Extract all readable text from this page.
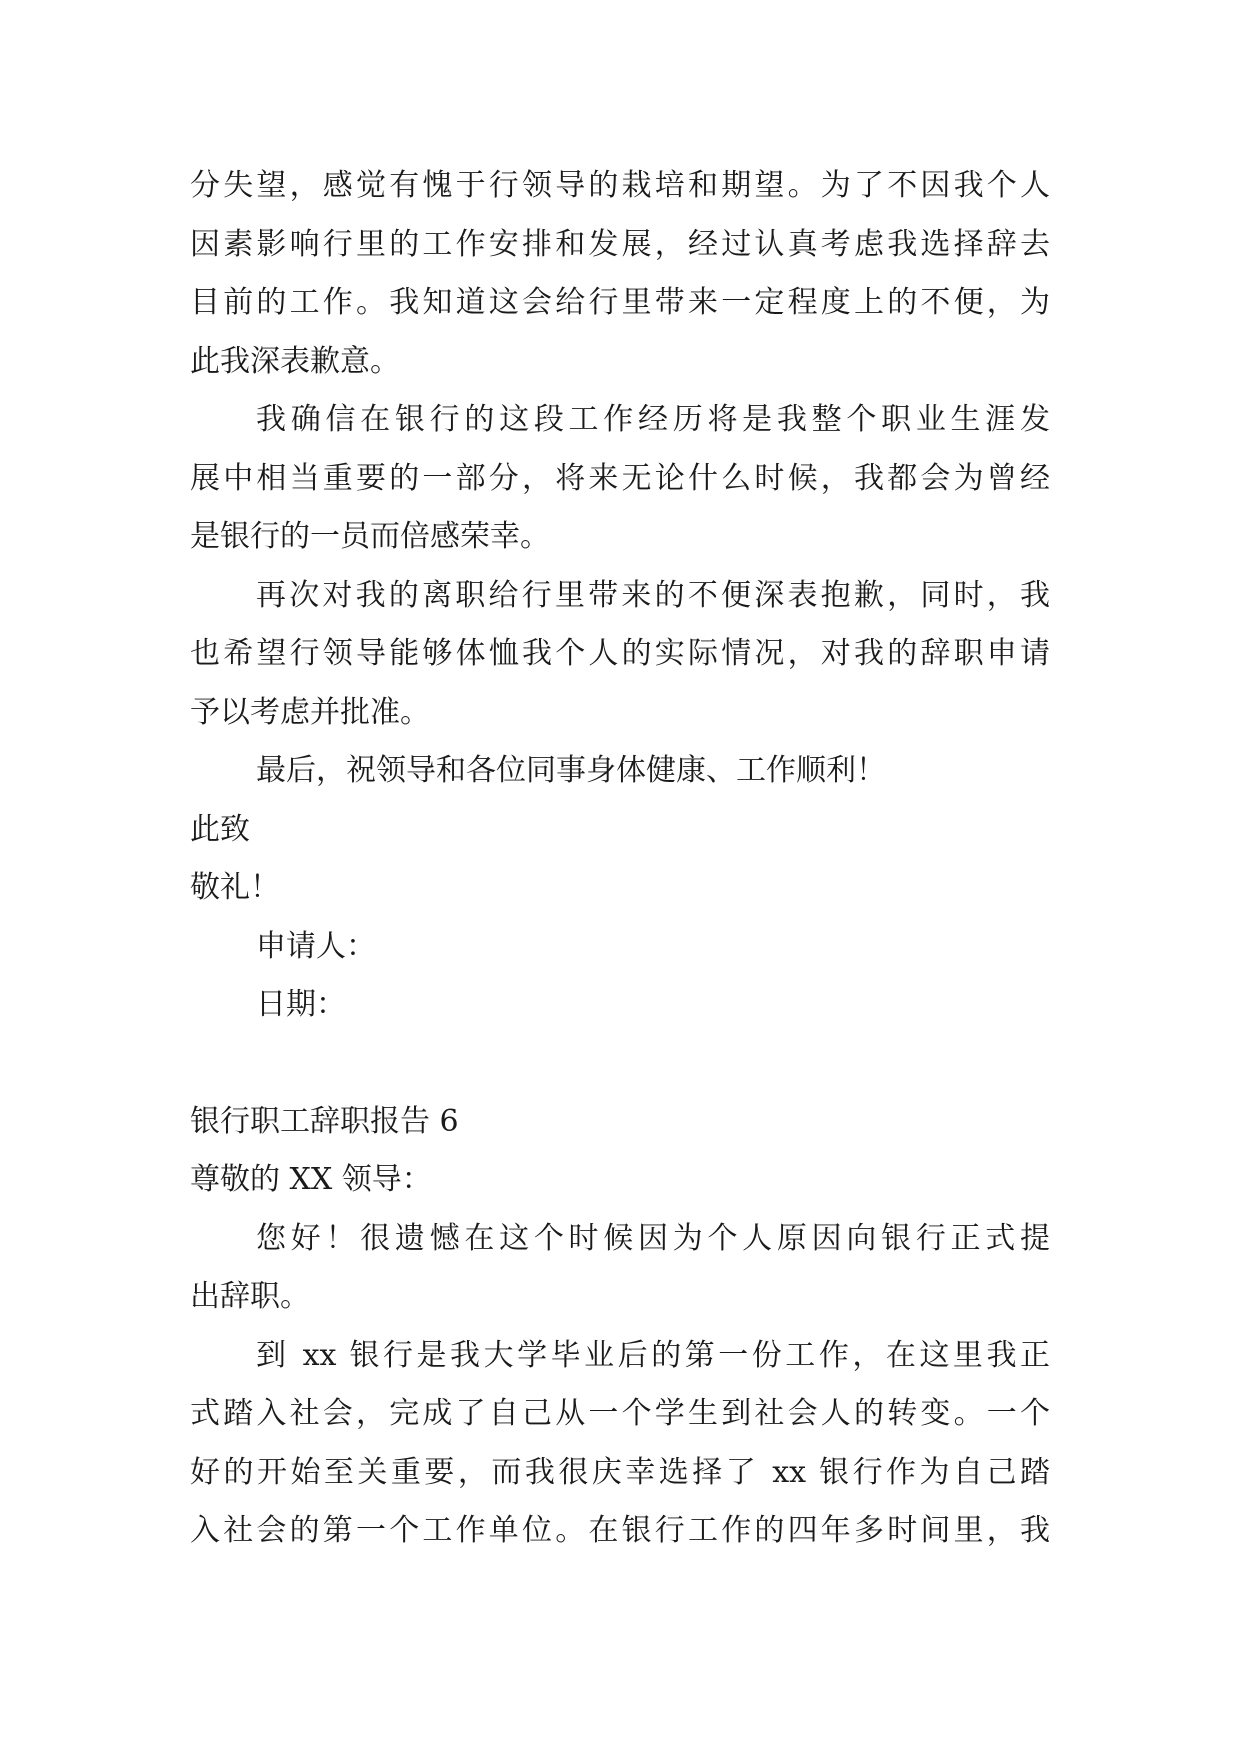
分失望，感觉有愧于行领导的栽培和期望。为了不因我个人
因素影响行里的工作安排和发展，经过认真考虑我选择辞去
目前的工作。我知道这会给行里带来一定程度上的不便，为
此我深表歉意。
我确信在银行的这段工作经历将是我整个职业生涯发
展中相当重要的一部分，将来无论什么时候，我都会为曾经
是银行的一员而倍感荣幸。
再次对我的离职给行里带来的不便深表抱歉，同时，我
也希望行领导能够体恤我个人的实际情况，对我的辞职申请
予以考虑并批准。
最后，祝领导和各位同事身体健康、工作顺利！
此致
敬礼！
申请人：
日期：
银行职工辞职报告 6
尊敬的 XX 领导：
您好！很遗憾在这个时候因为个人原因向银行正式提
出辞职。
到 xx 银行是我大学毕业后的第一份工作，在这里我正
式踏入社会，完成了自己从一个学生到社会人的转变。一个
好的开始至关重要，而我很庆幸选择了 xx 银行作为自己踏
入社会的第一个工作单位。在银行工作的四年多时间里，我
